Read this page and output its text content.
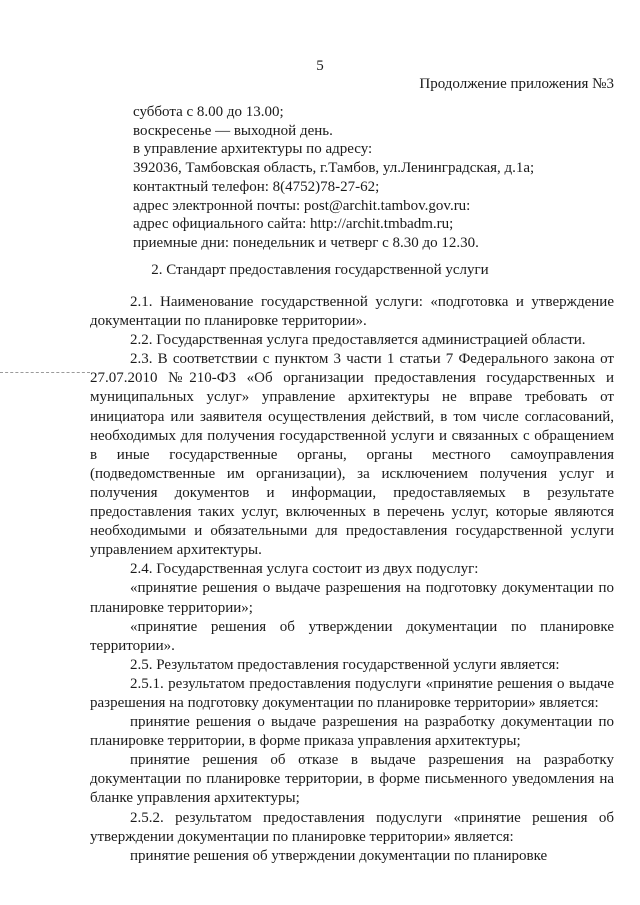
5
Продолжение приложения №3
суббота с 8.00 до 13.00;
воскресенье — выходной день.
в управление архитектуры по адресу:
392036, Тамбовская область, г.Тамбов, ул.Ленинградская, д.1а;
контактный телефон: 8(4752)78-27-62;
адрес электронной почты: post@archit.tambov.gov.ru:
адрес официального сайта: http://archit.tmbadm.ru;
приемные дни: понедельник и четверг с 8.30 до 12.30.
2. Стандарт предоставления государственной услуги

2.1. Наименование государственной услуги: «подготовка и утверждение документации по планировке территории».

2.2. Государственная услуга предоставляется администрацией области.

2.3. В соответствии с пунктом 3 части 1 статьи 7 Федерального закона от 27.07.2010 №210-ФЗ «Об организации предоставления государственных и муниципальных услуг» управление архитектуры не вправе требовать от инициатора или заявителя осуществления действий, в том числе согласований, необходимых для получения государственной услуги и связанных с обращением в иные государственные органы, органы местного самоуправления (подведомственные им организации), за исключением получения услуг и получения документов и информации, предоставляемых в результате предоставления таких услуг, включенных в перечень услуг, которые являются необходимыми и обязательными для предоставления государственной услуги управлением архитектуры.

2.4. Государственная услуга состоит из двух подуслуг:

«принятие решения о выдаче разрешения на подготовку документации по планировке территории»;

«принятие решения об утверждении документации по планировке территории».

2.5. Результатом предоставления государственной услуги является:

2.5.1. результатом предоставления подуслуги «принятие решения о выдаче разрешения на подготовку документации по планировке территории» является:

принятие решения о выдаче разрешения на разработку документации по планировке территории, в форме приказа управления архитектуры;

принятие решения об отказе в выдаче разрешения на разработку документации по планировке территории, в форме письменного уведомления на бланке управления архитектуры;

2.5.2. результатом предоставления подуслуги «принятие решения об утверждении документации по планировке территории» является:

принятие решения об утверждении документации по планировке
